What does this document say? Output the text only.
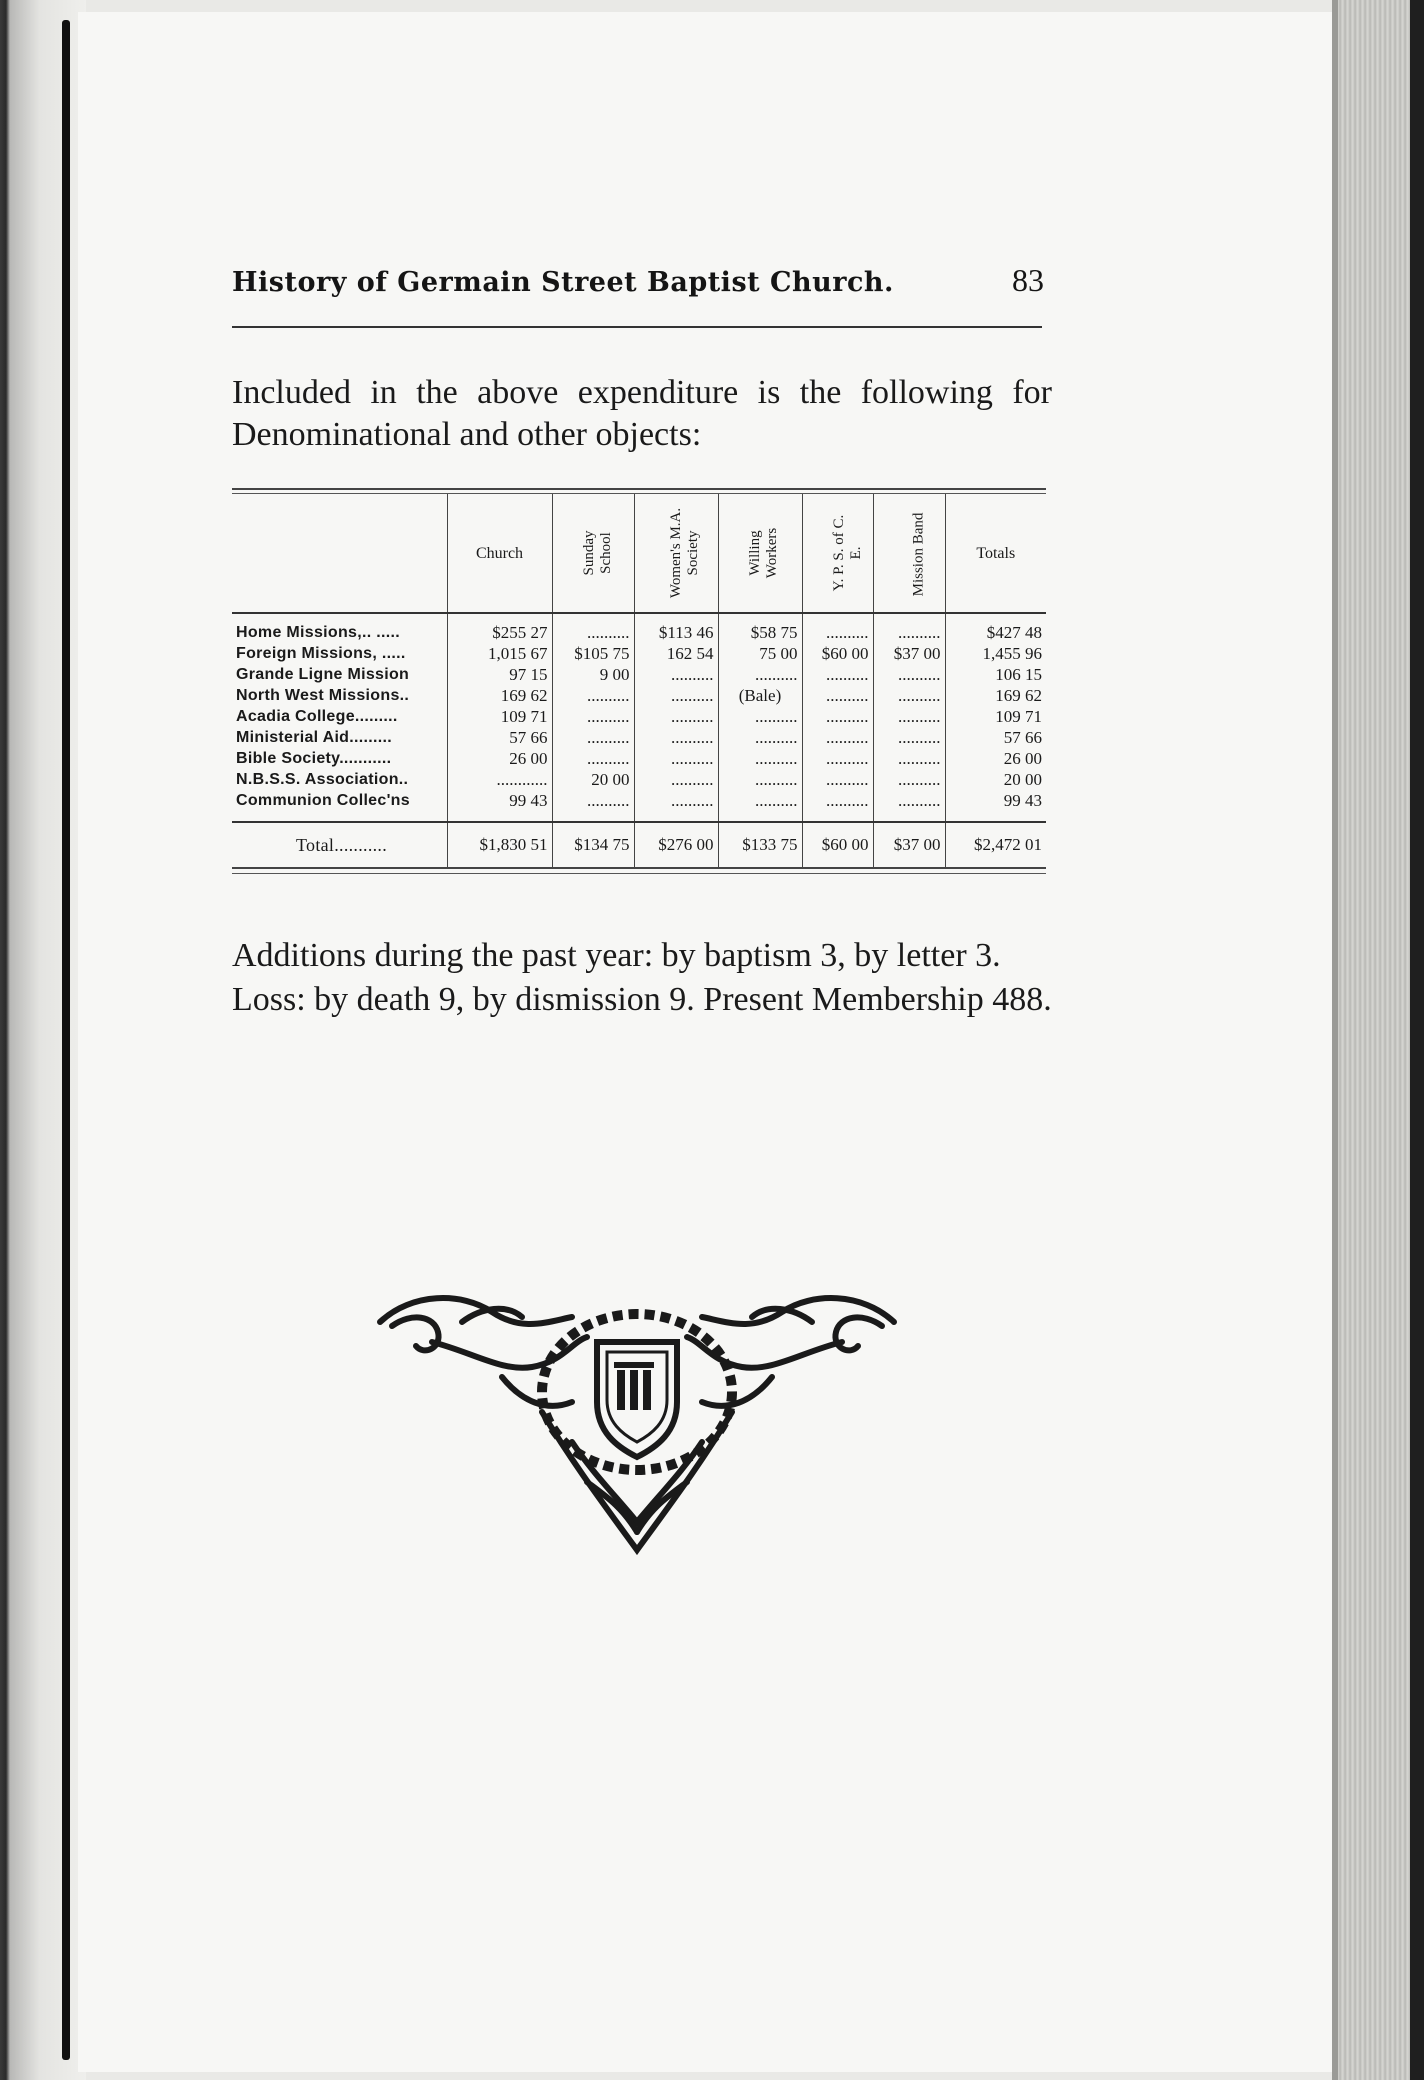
History of Germain Street Baptist Church.	83

Included in the above expenditure is the following for Denominational and other objects:

	Church	Sunday School	Women's M.A. Society	Willing Workers	Y. P. S. of C. E.	Mission Band	Totals
Home Missions,.. .....	$255 27	..........	$113 46	$58 75	..........	..........	$427 48
Foreign Missions, .....	1,015 67	$105 75	162 54	75 00	$60 00	$37 00	1,455 96
Grande Ligne Mission	97 15	9 00	..........	..........	..........	..........	106 15
North West Missions..	169 62	..........	..........	(Bale)	..........	..........	169 62
Acadia College.........	109 71	..........	..........	..........	..........	..........	109 71
Ministerial Aid.........	57 66	..........	..........	..........	..........	..........	57 66
Bible Society...........	26 00	..........	..........	..........	..........	..........	26 00
N.B.S.S. Association..	............	20 00	..........	..........	..........	..........	20 00
Communion Collec'ns	99 43	..........	..........	..........	..........	..........	99 43
Total...........	$1,830 51	$134 75	$276 00	$133 75	$60 00	$37 00	$2,472 01

Additions during the past year: by baptism 3, by letter 3. Loss: by death 9, by dismission 9. Present Membership 488.
